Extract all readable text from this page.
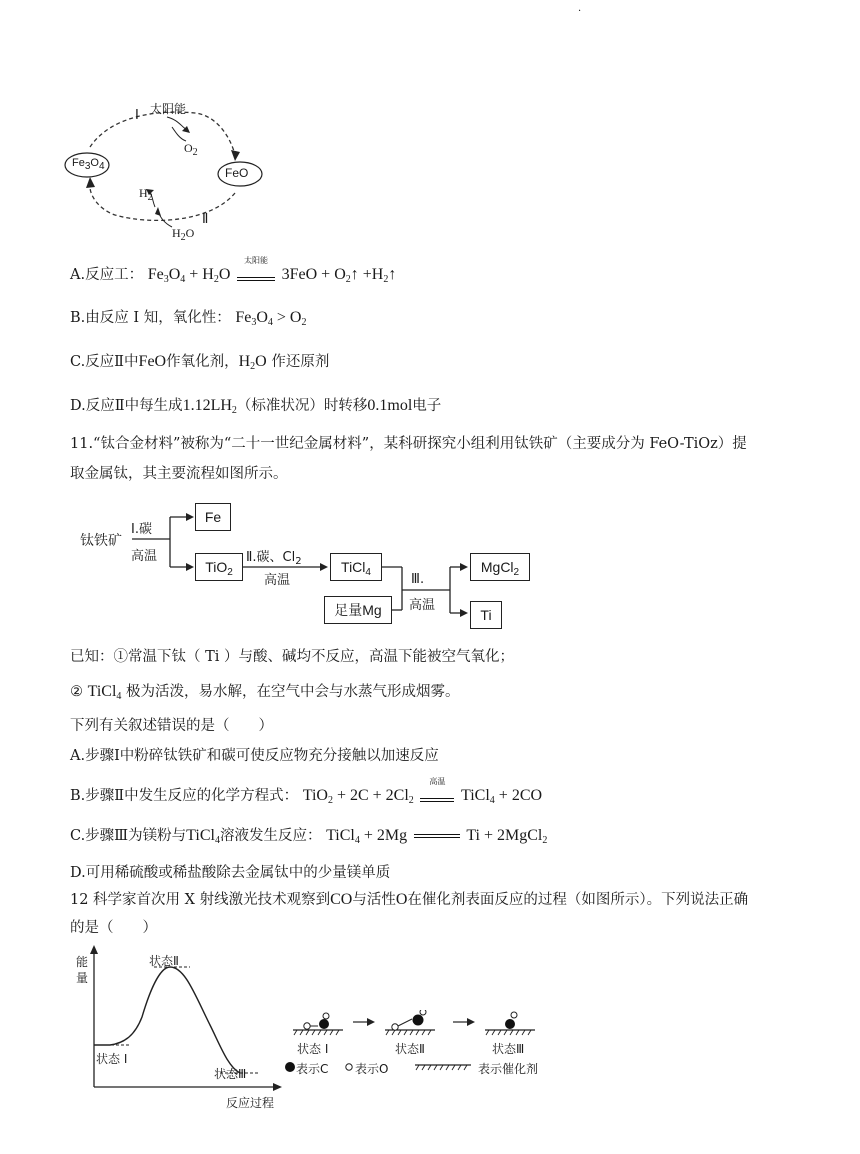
·
I 太阳能
$O_2$
$Fe_3O_4$	FeO
$H_2$
Ⅱ
$H_2O$
A.反应工： $Fe_3O_4 + H_2O$
太阳能
$3FeO + O_2↑$ $+H_2↑$
B.由反应 I 知，氧化性： $Fe_3O_4 > O_2$
C.反应Ⅱ中FeO作氧化剂，$H_2O$ 作还原剂
D.反应Ⅱ中每生成$1.12LH_2$（标准状况）时转移0.1mol电子
11.“钛合金材料”被称为“二十一世纪金属材料”，某科研探究小组利用钛铁矿（主要成分为 FeO-TiOz）提
取金属钛，其主要流程如图所示。
钛铁矿
Ⅰ.碳
高温
Fe
TiO$_2$
Ⅱ.碳、$Cl_2$
高温
TiCl$_4$
足量Mg
Ⅲ.
高温
MgCl$_2$
Ti
已知：①常温下钛（ Ti ）与酸、碱均不反应，高温下能被空气氧化；
② TiCl$_4$ 极为活泼，易水解，在空气中会与水蒸气形成烟雾。
下列有关叙述错误的是（　　）
A.步骤Ⅰ中粉碎钛铁矿和碳可使反应物充分接触以加速反应
B.步骤Ⅱ中发生反应的化学方程式： $TiO_2 + 2C + 2Cl_2$
高温
TiCl$_4$ + 2CO
C.步骤Ⅲ为镁粉与TiCl$_4$溶液发生反应： TiCl$_4$ + 2Mg	Ti + 2MgCl$_2$
D.可用稀硫酸或稀盐酸除去金属钛中的少量镁单质
12 科学家首次用 X 射线激光技术观察到CO与活性O在催化剂表面反应的过程（如图所示）。下列说法正确
的是（　　）
能
量
状态Ⅱ
状态 I
状态Ⅲ
反应过程
状态 I	状态Ⅱ	状态Ⅲ
表示C 表示O	表示催化剂
